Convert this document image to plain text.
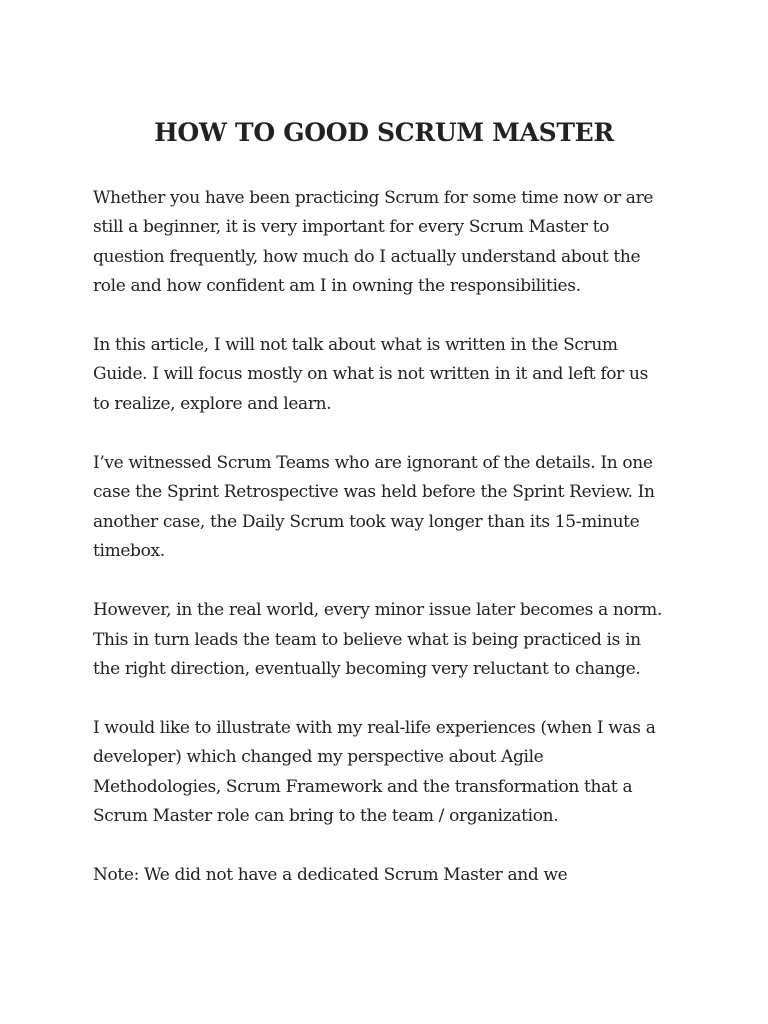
HOW TO GOOD SCRUM MASTER

Whether you have been practicing Scrum for some time now or are
still a beginner, it is very important for every Scrum Master to
question frequently, how much do I actually understand about the
role and how confident am I in owning the responsibilities.

In this article, I will not talk about what is written in the Scrum
Guide. I will focus mostly on what is not written in it and left for us
to realize, explore and learn.

I’ve witnessed Scrum Teams who are ignorant of the details. In one
case the Sprint Retrospective was held before the Sprint Review. In
another case, the Daily Scrum took way longer than its 15-minute
timebox.

However, in the real world, every minor issue later becomes a norm.
This in turn leads the team to believe what is being practiced is in
the right direction, eventually becoming very reluctant to change.

I would like to illustrate with my real-life experiences (when I was a
developer) which changed my perspective about Agile
Methodologies, Scrum Framework and the transformation that a
Scrum Master role can bring to the team / organization.

Note: We did not have a dedicated Scrum Master and we
